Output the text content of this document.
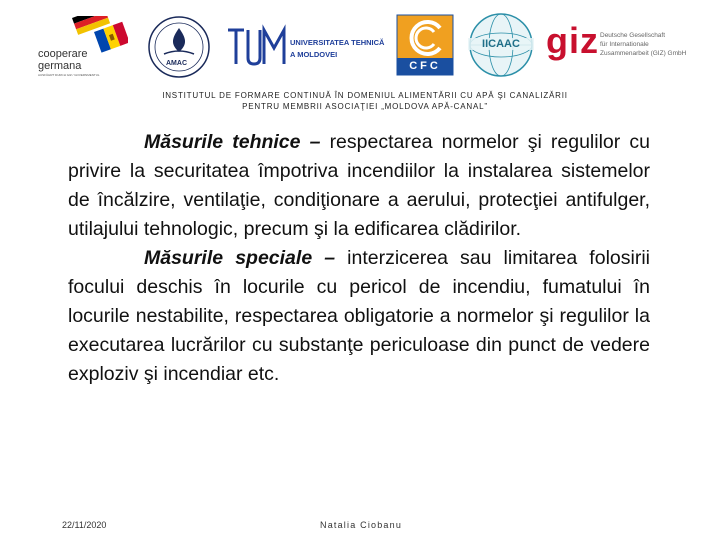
cooperare
germana
AUSFÜHRT DURCH GIZ / GOVERNMENTUL
AMAC
UNIVERSITATEA TEHNICĂ
A MOLDOVEI
CFC
IICAAC giz Deutsche Gesellschaft
für Internationale
Zusammenarbeit (GIZ) GmbH
INSTITUTUL DE FORMARE CONTINUĂ ÎN DOMENIUL ALIMENTĂRII CU APĂ ŞI CANALIZĂRII
PENTRU MEMBRII ASOCIAŢIEI „MOLDOVA APĂ-CANAL”

Măsurile tehnice – respectarea normelor şi regulilor cu privire la securitatea împotriva incendiilor la instalarea sistemelor de încălzire, ventilaţie, condiţionare a aerului, protecţiei antifulger, utilajului tehnologic, precum şi la edificarea clădirilor.

Măsurile speciale – interzicerea sau limitarea folosirii focului deschis în locurile cu pericol de incendiu, fumatului în locurile nestabilite, respectarea obligatorie a normelor şi regulilor la executarea lucrărilor cu substanţe periculoase din punct de vedere exploziv şi incendiar etc.

22/11/2020	Natalia Ciobanu
